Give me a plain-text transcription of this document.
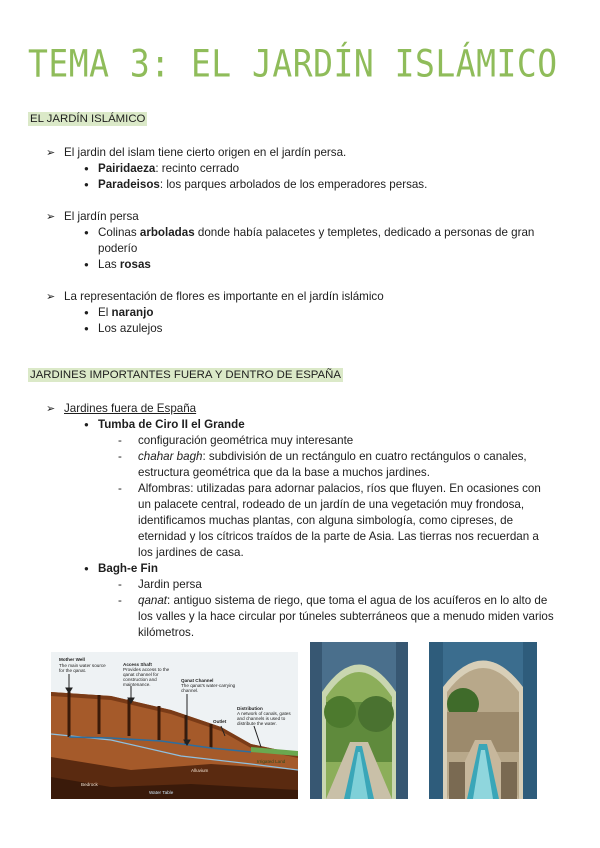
TEMA 3: EL JARDÍN ISLÁMICO
EL JARDÍN ISLÁMICO
➢ El jardin del islam tiene cierto origen en el jardín persa.
● Pairidaeza: recinto cerrado
● Paradeisos: los parques arbolados de los emperadores persas.
➢ El jardín persa
● Colinas arboladas donde había palacetes y templetes, dedicado a personas de gran
poderío
● Las rosas
➢ La representación de flores es importante en el jardín islámico
● El naranjo
● Los azulejos
JARDINES IMPORTANTES FUERA Y DENTRO DE ESPAÑA
➢ Jardines fuera de España
● Tumba de Ciro II el Grande
- configuración geométrica muy interesante
- chahar bagh: subdivisión de un rectángulo en cuatro rectángulos o canales,
estructura geométrica que da la base a muchos jardines.
- Alfombras: utilizadas para adornar palacios, ríos que fluyen. En ocasiones con
un palacete central, rodeado de un jardín de una vegetación muy frondosa,
identificamos muchas plantas, con alguna simbología, como cipreses, de
eternidad y los cítricos traídos de la parte de Asia. Las tierras nos recuerdan a
los jardines de casa.
● Bagh-e Fin
- Jardin persa
- qanat: antiguo sistema de riego, que toma el agua de los acuíferos en lo alto de
los valles y la hace circular por túneles subterráneos que a menudo miden varios
kilómetros.
Mother Well
The main water source
for the qanat.
Access Shaft
Provides access to the
qanat channel for
construction and
maintenance.
Qanat Channel
The qanat's water-carrying
channel.
Outlet
Distribution
A network of canals, gates
and channels is used to
distribute the water.
Alluvium
Irrigated Land
Bedrock
Water Table
